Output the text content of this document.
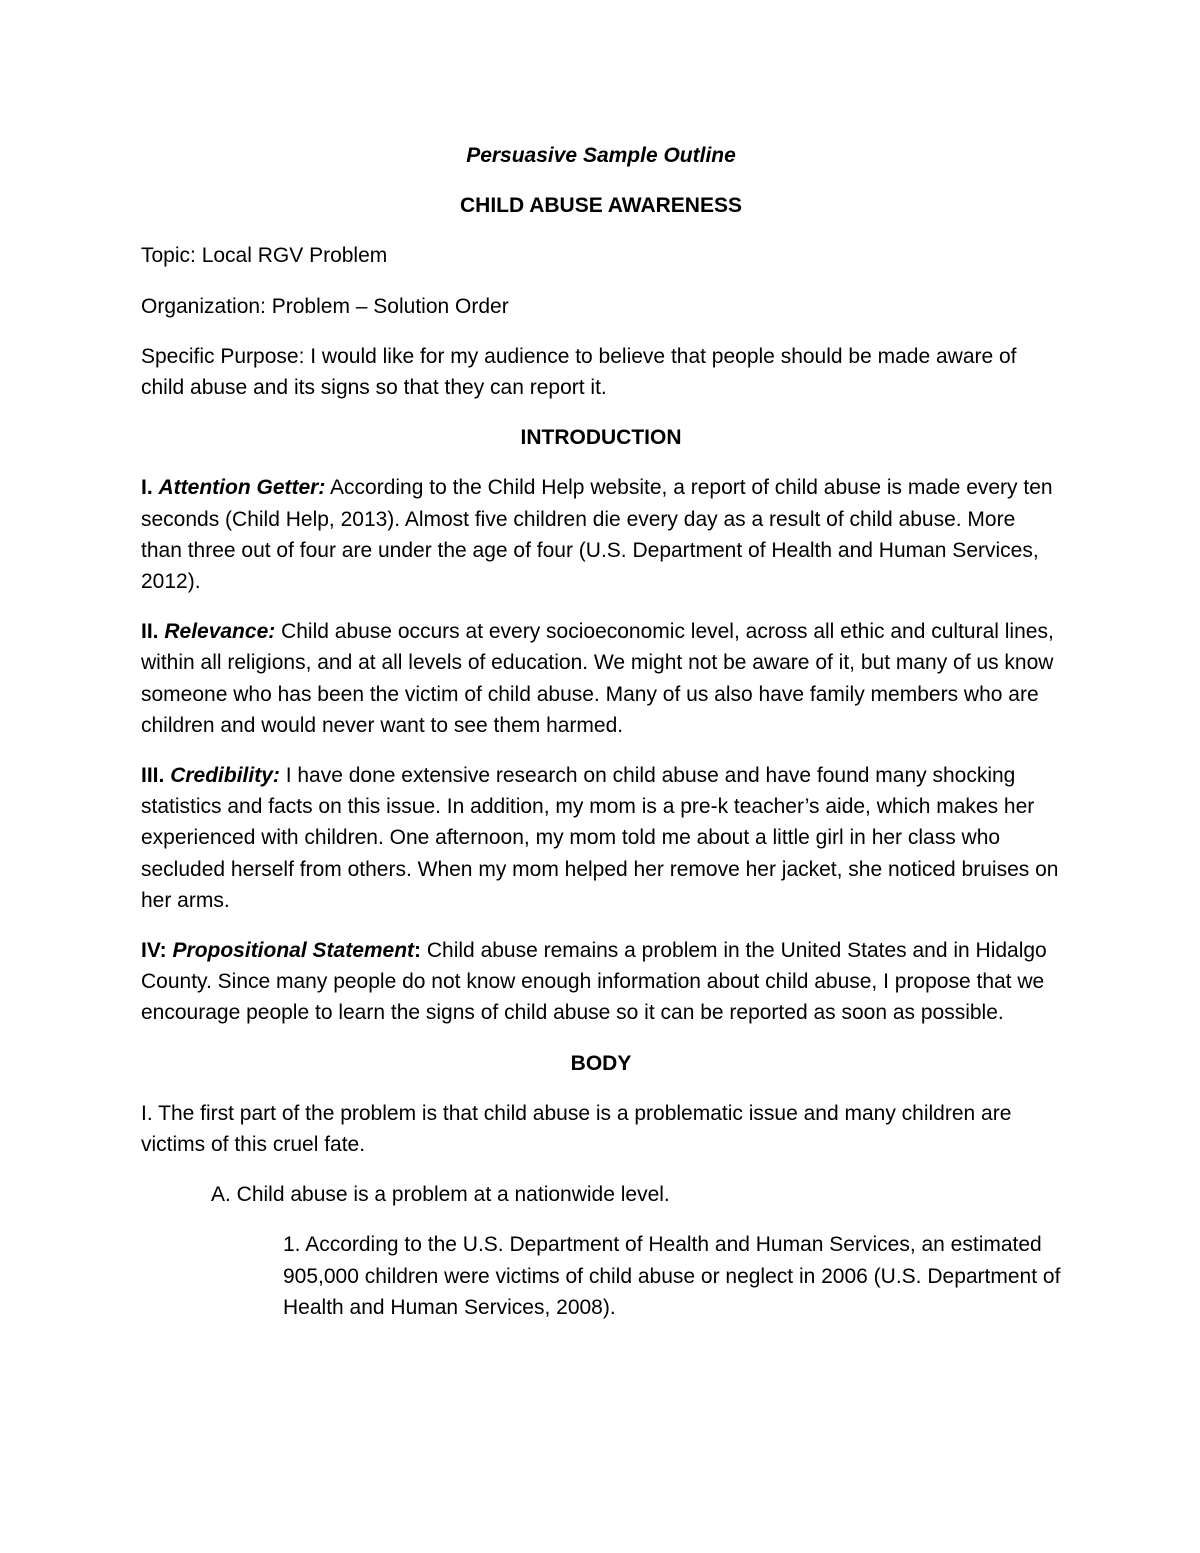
Persuasive Sample Outline

CHILD ABUSE AWARENESS

Topic: Local RGV Problem

Organization: Problem – Solution Order

Specific Purpose: I would like for my audience to believe that people should be made aware of child abuse and its signs so that they can report it.

INTRODUCTION

I. Attention Getter: According to the Child Help website, a report of child abuse is made every ten seconds (Child Help, 2013). Almost five children die every day as a result of child abuse. More than three out of four are under the age of four (U.S. Department of Health and Human Services, 2012).

II. Relevance: Child abuse occurs at every socioeconomic level, across all ethic and cultural lines, within all religions, and at all levels of education. We might not be aware of it, but many of us know someone who has been the victim of child abuse. Many of us also have family members who are children and would never want to see them harmed.

III. Credibility: I have done extensive research on child abuse and have found many shocking statistics and facts on this issue. In addition, my mom is a pre-k teacher’s aide, which makes her experienced with children. One afternoon, my mom told me about a little girl in her class who secluded herself from others. When my mom helped her remove her jacket, she noticed bruises on her arms.

IV: Propositional Statement: Child abuse remains a problem in the United States and in Hidalgo County. Since many people do not know enough information about child abuse, I propose that we encourage people to learn the signs of child abuse so it can be reported as soon as possible.

BODY

I. The first part of the problem is that child abuse is a problematic issue and many children are victims of this cruel fate.

A. Child abuse is a problem at a nationwide level.

1. According to the U.S. Department of Health and Human Services, an estimated 905,000 children were victims of child abuse or neglect in 2006 (U.S. Department of Health and Human Services, 2008).
